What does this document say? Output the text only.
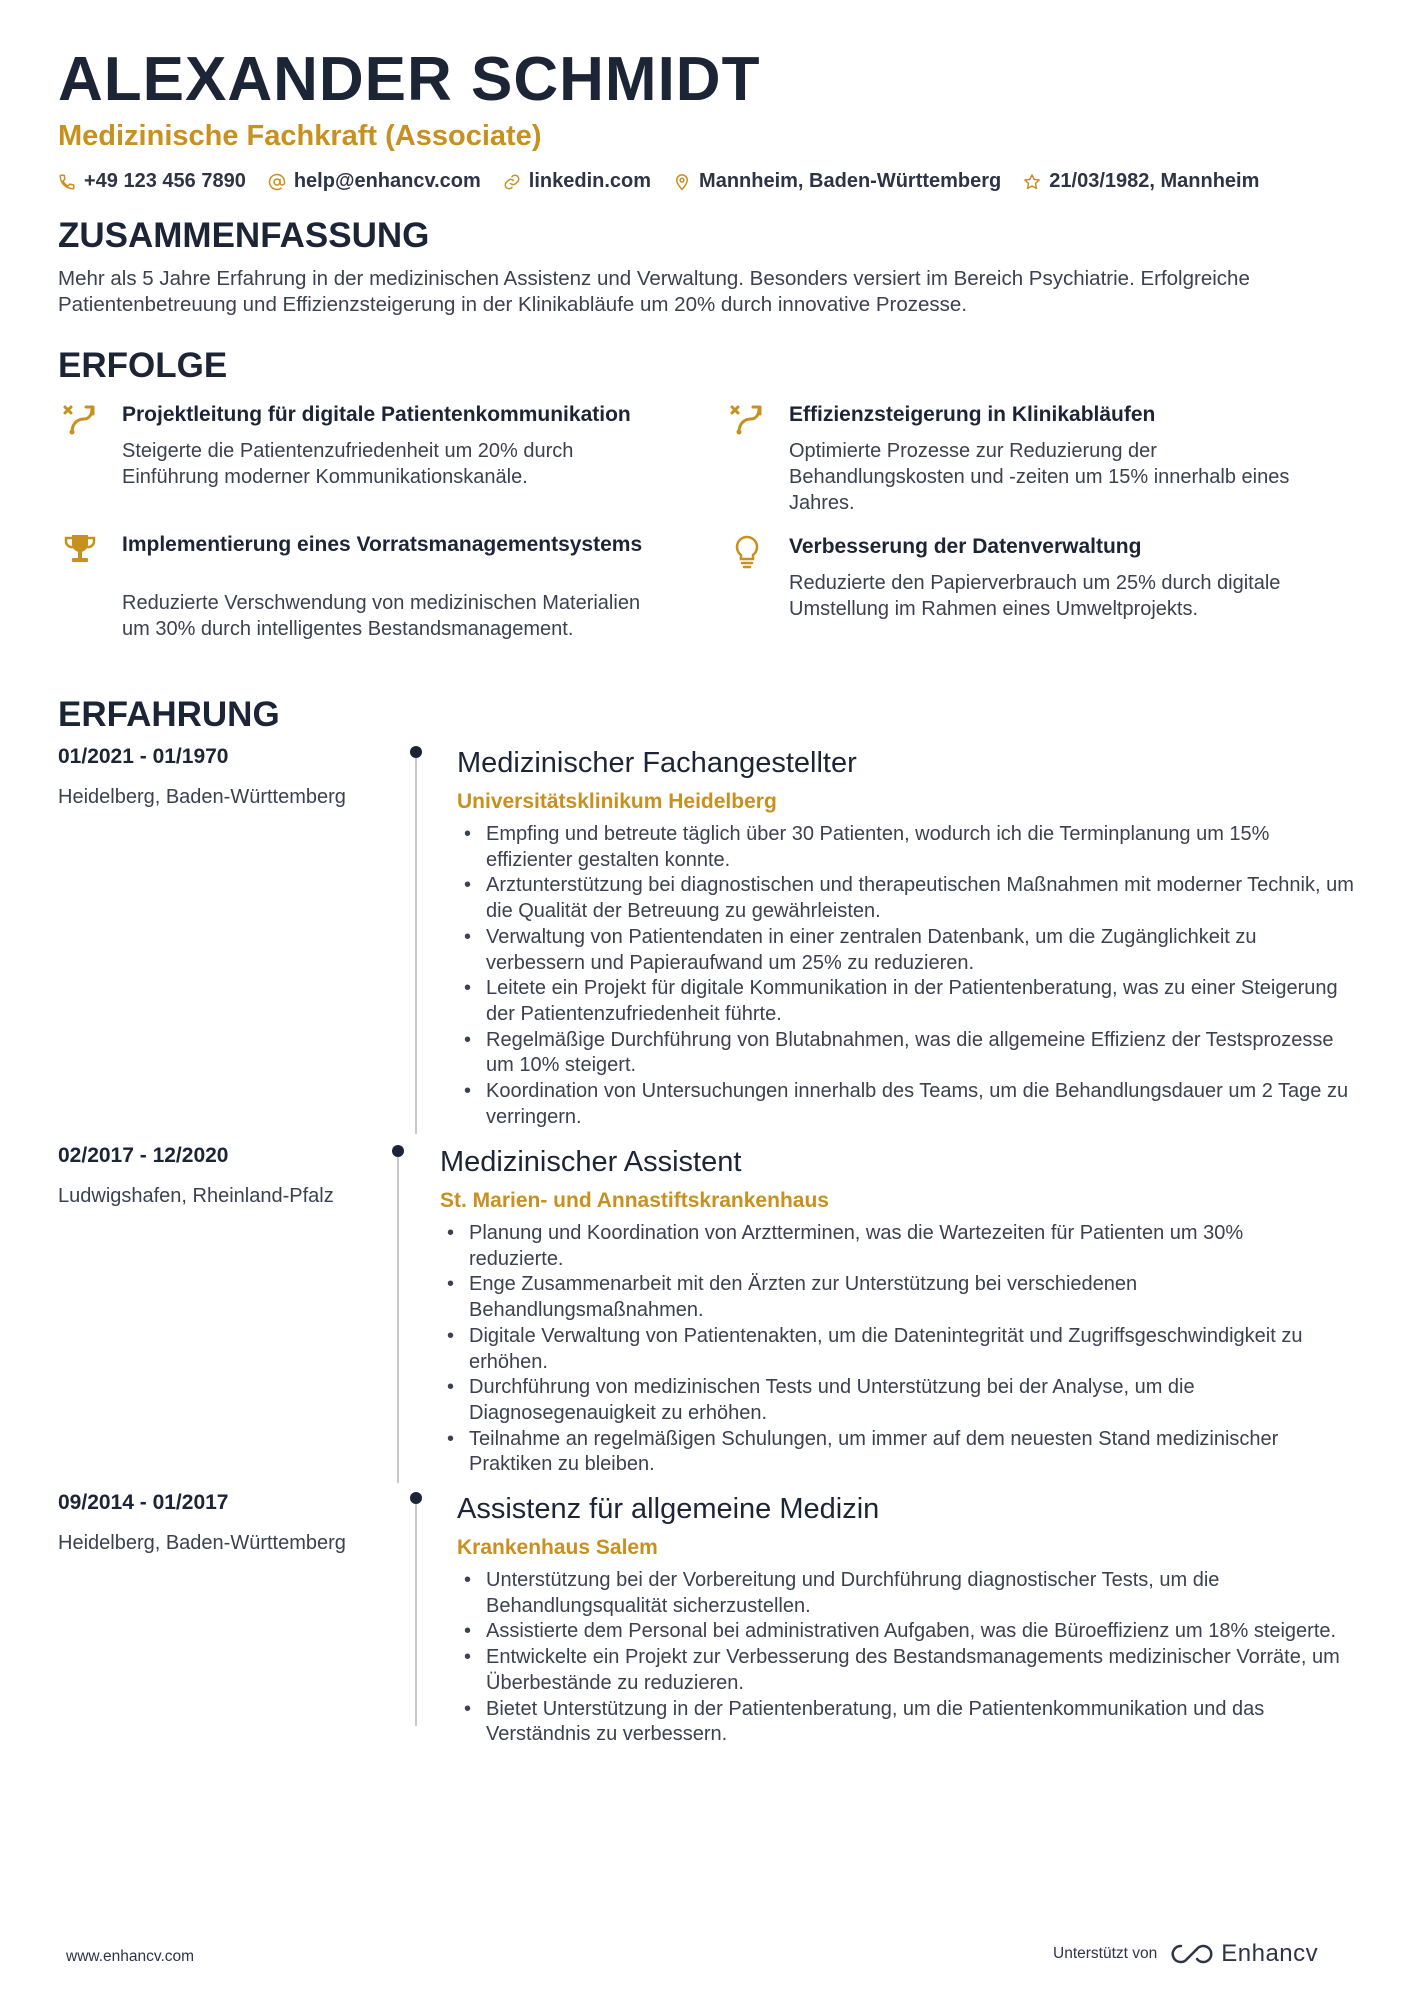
ALEXANDER SCHMIDT
Medizinische Fachkraft (Associate)
+49 123 456 7890 help@enhancv.com linkedin.com Mannheim, Baden-Württemberg 21/03/1982, Mannheim
ZUSAMMENFASSUNG
Mehr als 5 Jahre Erfahrung in der medizinischen Assistenz und Verwaltung. Besonders versiert im Bereich Psychiatrie. Erfolgreiche Patientenbetreuung und Effizienzsteigerung in der Klinikabläufe um 20% durch innovative Prozesse.
ERFOLGE
Projektleitung für digitale Patientenkommunikation
Steigerte die Patientenzufriedenheit um 20% durch Einführung moderner Kommunikationskanäle.
Effizienzsteigerung in Klinikabläufen
Optimierte Prozesse zur Reduzierung der Behandlungskosten und -zeiten um 15% innerhalb eines Jahres.
Implementierung eines Vorratsmanagementsystems
Reduzierte Verschwendung von medizinischen Materialien um 30% durch intelligentes Bestandsmanagement.
Verbesserung der Datenverwaltung
Reduzierte den Papierverbrauch um 25% durch digitale Umstellung im Rahmen eines Umweltprojekts.
ERFAHRUNG
01/2021 - 01/1970
Heidelberg, Baden-Württemberg
Medizinischer Fachangestellter
Universitätsklinikum Heidelberg
• Empfing und betreute täglich über 30 Patienten, wodurch ich die Terminplanung um 15% effizienter gestalten konnte.
• Arztunterstützung bei diagnostischen und therapeutischen Maßnahmen mit moderner Technik, um die Qualität der Betreuung zu gewährleisten.
• Verwaltung von Patientendaten in einer zentralen Datenbank, um die Zugänglichkeit zu verbessern und Papieraufwand um 25% zu reduzieren.
• Leitete ein Projekt für digitale Kommunikation in der Patientenberatung, was zu einer Steigerung der Patientenzufriedenheit führte.
• Regelmäßige Durchführung von Blutabnahmen, was die allgemeine Effizienz der Testsprozesse um 10% steigert.
• Koordination von Untersuchungen innerhalb des Teams, um die Behandlungsdauer um 2 Tage zu verringern.
02/2017 - 12/2020
Ludwigshafen, Rheinland-Pfalz
Medizinischer Assistent
St. Marien- und Annastiftskrankenhaus
• Planung und Koordination von Arztterminen, was die Wartezeiten für Patienten um 30% reduzierte.
• Enge Zusammenarbeit mit den Ärzten zur Unterstützung bei verschiedenen Behandlungsmaßnahmen.
• Digitale Verwaltung von Patientenakten, um die Datenintegrität und Zugriffsgeschwindigkeit zu erhöhen.
• Durchführung von medizinischen Tests und Unterstützung bei der Analyse, um die Diagnosegenauigkeit zu erhöhen.
• Teilnahme an regelmäßigen Schulungen, um immer auf dem neuesten Stand medizinischer Praktiken zu bleiben.
09/2014 - 01/2017
Heidelberg, Baden-Württemberg
Assistenz für allgemeine Medizin
Krankenhaus Salem
• Unterstützung bei der Vorbereitung und Durchführung diagnostischer Tests, um die Behandlungsqualität sicherzustellen.
• Assistierte dem Personal bei administrativen Aufgaben, was die Büroeffizienz um 18% steigerte.
• Entwickelte ein Projekt zur Verbesserung des Bestandsmanagements medizinischer Vorräte, um Überbestände zu reduzieren.
• Bietet Unterstützung in der Patientenberatung, um die Patientenkommunikation und das Verständnis zu verbessern.
www.enhancv.com	Unterstützt von	Enhancv
